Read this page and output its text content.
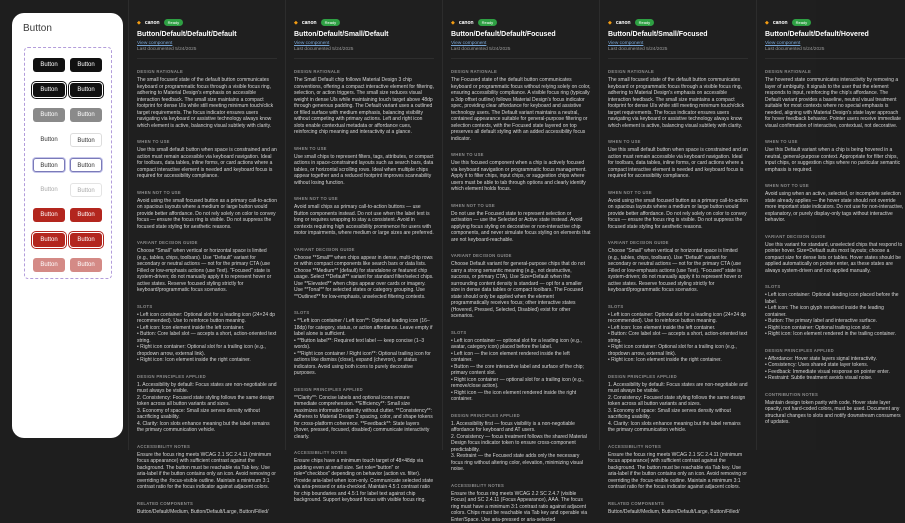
Button
Button	Button
Button	Button
Button	Button
Button	Button
Button	Button
Button	Button
Button	Button
Button	Button
Button	Button
◆ canon	Ready
Button/Default/Default/Default
View component
Last documented 5/24/2025
DESIGN RATIONALE
The small focused state of the default button communicates keyboard or programmatic focus through a visible focus ring, adhering to Material Design's emphasis on accessible interaction feedback. The small size maintains a compact footprint for dense UIs while still meeting minimum touch/click target requirements. The focus indicator ensures users navigating via keyboard or assistive technology always know which element is active, balancing visual subtlety with clarity.
WHEN TO USE
Use this small default button when space is constrained and an action must remain accessible via keyboard navigation. Ideal for toolbars, data tables, inline forms, or card actions where a compact interactive element is needed and keyboard focus is required for accessibility compliance.
WHEN NOT TO USE
Avoid using the small focused button as a primary call-to-action on spacious layouts where a medium or large button would provide better affordance. Do not rely solely on color to convey focus — ensure the focus ring is visible. Do not suppress the focused state styling for aesthetic reasons.
VARIANT DECISION GUIDE
Choose "Small" when vertical or horizontal space is limited (e.g., tables, chips, toolbars). Use "Default" variant for secondary or neutral actions — not for the primary CTA (use Filled or low-emphasis actions (use Text). "Focused" state is system-driven; do not manually apply it to represent hover or active states. Reserve focused styling strictly for keyboard/programmatic focus scenarios.
SLOTS
• Left icon container: Optional slot for a leading icon (24×24 dp recommended). Use to reinforce button meaning.
• Left icon: Icon element inside the left container.
• Button: Core label slot — accepts a short, action-oriented text string.
• Right icon container: Optional slot for a trailing icon (e.g., dropdown arrow, external link).
• Right icon: Icon element inside the right container.
DESIGN PRINCIPLES APPLIED
1. Accessibility by default: Focus states are non-negotiable and must always be visible.
2. Consistency: Focused state styling follows the same design token across all button variants and sizes.
3. Economy of space: Small size serves density without sacrificing usability.
4. Clarity: Icon slots enhance meaning but the label remains the primary communication vehicle.
ACCESSIBILITY NOTES
Ensure the focus ring meets WCAG 2.1 SC 2.4.11 (minimum focus appearance) with sufficient contrast against the background. The button must be reachable via Tab key. Use aria-label if the button contains only an icon. Avoid removing or overriding the :focus-visible outline. Maintain a minimum 3:1 contrast ratio for the focus indicator against adjacent colors.
RELATED COMPONENTS
Button/Default/Medium, Button/Default/Large, Button/Filled/
◆ canon	Ready
Button/Default/Small/Default
View component
Last documented 5/24/2025
DESIGN RATIONALE
The Small Default chip follows Material Design 3 chip conventions, offering a compact interactive element for filtering, selection, or action triggers. The small size reduces visual weight in dense UIs while maintaining touch target above 48dp through generous padding. The Default variant uses a outlined or filled surface with medium emphasis, balancing visibility without competing with primary actions. Left and right icon slots enable contextual metadata or affordance cues, reinforcing chip meaning and interactivity at a glance.
WHEN TO USE
Use small chips to represent filters, tags, attributes, or compact actions in space-constrained layouts such as search bars, data tables, or horizontal scrolling rows. Ideal when multiple chips appear together and a reduced footprint improves scannability without losing function.
WHEN NOT TO USE
Avoid small chips as primary call-to-action buttons — use Button components instead. Do not use when the label text is long or requires wrapping to stay a consistent. Avoid in contexts requiring high accessibility prominence for users with motor impairments, where medium or large sizes are preferred.
VARIANT DECISION GUIDE
Choose **Small** when chips appear in dense, multi-chip rows or within compact components like search bars or data lists. Choose **Medium** (default) for standalone or featured chip usage. Select **Default** variant for standard filter/select chips. Use **Elevated** when chips appear over cards or imagery. Use **Tonal** for selected states or category grouping. Use **Outlined** for low-emphasis, unselected filtering contexts.
SLOTS
• **Left icon container / Left icon**: Optional leading icon (16–18dp) for category, status, or action affordance. Leave empty if label alone is sufficient.
• **Button label**: Required text label — keep concise (1–3 words).
• **Right icon container / Right icon**: Optional trailing icon for actions like dismiss (close), expand (chevron), or status indicators. Avoid using both icons to purely decorative purposes.
DESIGN PRINCIPLES APPLIED
**Clarity**: Concise labels and optional icons ensure immediate comprehension. **Efficiency**: Small size maximizes information density without clutter. **Consistency**: Adheres to Material Design 3 spacing, color, and shape tokens for cross-platform coherence. **Feedback**: State layers (hover, pressed, focused, disabled) communicate interactivity clearly.
ACCESSIBILITY NOTES
Ensure chips have a minimum touch target of 48×48dp via padding even at small size. Set role="button" or role="checkbox" depending on behavior (action vs. filter). Provide aria-label when icon-only. Communicate selected state via aria-pressed or aria-checked. Maintain 4.5:1 contrast ratio for chip boundaries and 4.5:1 for label text against chip background. Support keyboard focus with visible focus ring.
◆ canon	Ready
Button/Default/Default/Focused
View component
Last documented 5/24/2025
DESIGN RATIONALE
The Focused state of the default button communicates keyboard or programmatic focus without relying solely on color, ensuring accessibility compliance. A visible focus ring (typically a 3dp offset outline) follows Material Design's focus indicator spec, providing clear affordance for keyboard and assistive technology users. The Default variant maintains a neutral, contained appearance suitable for general-purpose filtering or selection contexts, with the Focused state layered on top preserves all default styling with an added accessibility focus indicator.
WHEN TO USE
Use this focused component when a chip is actively focused via keyboard navigation or programmatic focus management. Apply it to filter chips, input chips, or suggestion chips where users must be able to tab through options and clearly identify which element holds focus.
WHEN NOT TO USE
Do not use the Focused state to represent selection or activation — use the Selected or Active state instead. Avoid applying focus styling on decorative or non-interactive chip components, and never simulate focus styling on elements that are not keyboard-reachable.
VARIANT DECISION GUIDE
Choose Default variant for general-purpose chips that do not carry a strong semantic meaning (e.g., not destructive, success, or primary CTA). Use Size=Default when the surrounding content density is standard — opt for a smaller size in dense data tables or compact toolbars. The Focused state should only be applied when the element programmatically receives focus; other interactive states (Hovered, Pressed, Selected, Disabled) exist for other scenarios.
SLOTS
• Left icon container — optional slot for a leading icon (e.g., avatar, category icon) placed before the label.
• Left icon — the icon element rendered inside the left container.
• Button — the core interactive label and surface of the chip; primary content slot.
• Right icon container — optional slot for a trailing icon (e.g., remove/close action).
• Right icon — the icon element rendered inside the right container.
DESIGN PRINCIPLES APPLIED
1. Accessibility first — focus visibility is a non-negotiable affordance for keyboard and AT users.
2. Consistency — focus treatment follows the shared Material Design focus indicator token to ensure cross-component predictability.
3. Restraint — the Focused state adds only the necessary focus ring without altering color, elevation, minimizing visual noise.
ACCESSIBILITY NOTES
Ensure the focus ring meets WCAG 2.2 SC 2.4.7 (visible Focus) and SC 2.4.11 (Focus Appearance), AAA. The focus ring must have a minimum 3:1 contrast ratio against adjacent colors. Chips must be reachable via Tab key and operable via Enter/Space. Use aria-pressed or aria-selected
◆ canon	Ready
Button/Default/Small/Focused
View component
Last documented 5/24/2025
DESIGN RATIONALE
The small focused state of the default button communicates keyboard or programmatic focus through a visible focus ring, adhering to Material Design's emphasis on accessible interaction feedback. The small size maintains a compact footprint for dense UIs while still meeting minimum touch/click target requirements. The focus indicator ensures users navigating via keyboard or assistive technology always know which element is active, balancing visual subtlety with clarity.
WHEN TO USE
Use this small default button when space is constrained and an action must remain accessible via keyboard navigation. Ideal for toolbars, data tables, inline forms, or card actions where a compact interactive element is needed and keyboard focus is required for accessibility compliance.
WHEN NOT TO USE
Avoid using the small focused button as a primary call-to-action on spacious layouts where a medium or large button would provide better affordance. Do not rely solely on color to convey focus — ensure the focus ring is visible. Do not suppress the focused state styling for aesthetic reasons.
VARIANT DECISION GUIDE
Choose "Small" when vertical or horizontal space is limited (e.g., tables, chips, toolbars). Use "Default" variant for secondary or neutral actions — not for the primary CTA (use Filled or low-emphasis actions (use Text). "Focused" state is system-driven; do not manually apply it to represent hover or active states. Reserve focused styling strictly for keyboard/programmatic focus scenarios.
SLOTS
• Left icon container: Optional slot for a leading icon (24×24 dp recommended). Use to reinforce button meaning.
• Left icon: Icon element inside the left container.
• Button: Core label slot — accepts a short, action-oriented text string.
• Right icon container: Optional slot for a trailing icon (e.g., dropdown arrow, external link).
• Right icon: Icon element inside the right container.
DESIGN PRINCIPLES APPLIED
1. Accessibility by default: Focus states are non-negotiable and must always be visible.
2. Consistency: Focused state styling follows the same design token across all button variants and sizes.
3. Economy of space: Small size serves density without sacrificing usability.
4. Clarity: Icon slots enhance meaning but the label remains the primary communication vehicle.
ACCESSIBILITY NOTES
Ensure the focus ring meets WCAG 2.1 SC 2.4.11 (minimum focus appearance) with sufficient contrast against the background. The button must be reachable via Tab key. Use aria-label if the button contains only an icon. Avoid removing or overriding the :focus-visible outline. Maintain a minimum 3:1 contrast ratio for the focus indicator against adjacent colors.
RELATED COMPONENTS
Button/Default/Medium, Button/Default/Large, Button/Filled/
◆ canon	Ready
Button/Default/Default/Hovered
View component
Last documented 5/24/2025
DESIGN RATIONALE
The hovered state communicates interactivity by removing a layer of ambiguity. It signals to the user that the element responds to input, reinforcing the chip's affordance. The Default variant provides a baseline, neutral visual treatment suitable for most contexts where no special emphasis is needed, aligning with Material Design's state layer approach for hover feedback behavior. Pointer users receive immediate visual confirmation of interactive, contextual, not decorative.
WHEN TO USE
Use this Default variant when a chip is being hovered in a neutral, general-purpose context. Appropriate for filter chips, input chips, or suggestion chips where no particular semantic emphasis is required.
WHEN NOT TO USE
Avoid using when an active, selected, or incomplete selection state already applies — the hover state should not override more important state indicators. Do not use for non-interactive, explanatory, or purely display-only tags without interactive behavior.
VARIANT DECISION GUIDE
Use this variant for standard, unselected chips that respond to pointer hover. Size=Default suits most layouts; choose a compact size for dense lists or tables. Hover states should be applied automatically on pointer enter, as these states are always system-driven and not applied manually.
SLOTS
• Left icon container: Optional leading icon placed before the label.
• Left icon: The icon glyph rendered inside the leading container.
• Button: The primary label and interactive surface.
• Right icon container: Optional trailing icon slot.
• Right icon: Icon element rendered in the trailing container.
DESIGN PRINCIPLES APPLIED
• Affordance: Hover state layers signal interactivity.
• Consistency: Uses shared state layer tokens.
• Feedback: Immediate visual response on pointer enter.
• Restraint: Subtle treatment avoids visual noise.
CONTRIBUTION NOTES
Maintain design token parity with code. Hover state layer opacity, not hard-coded colors, must be used. Document any structural changes to slots and notify downstream consumers of updates.
